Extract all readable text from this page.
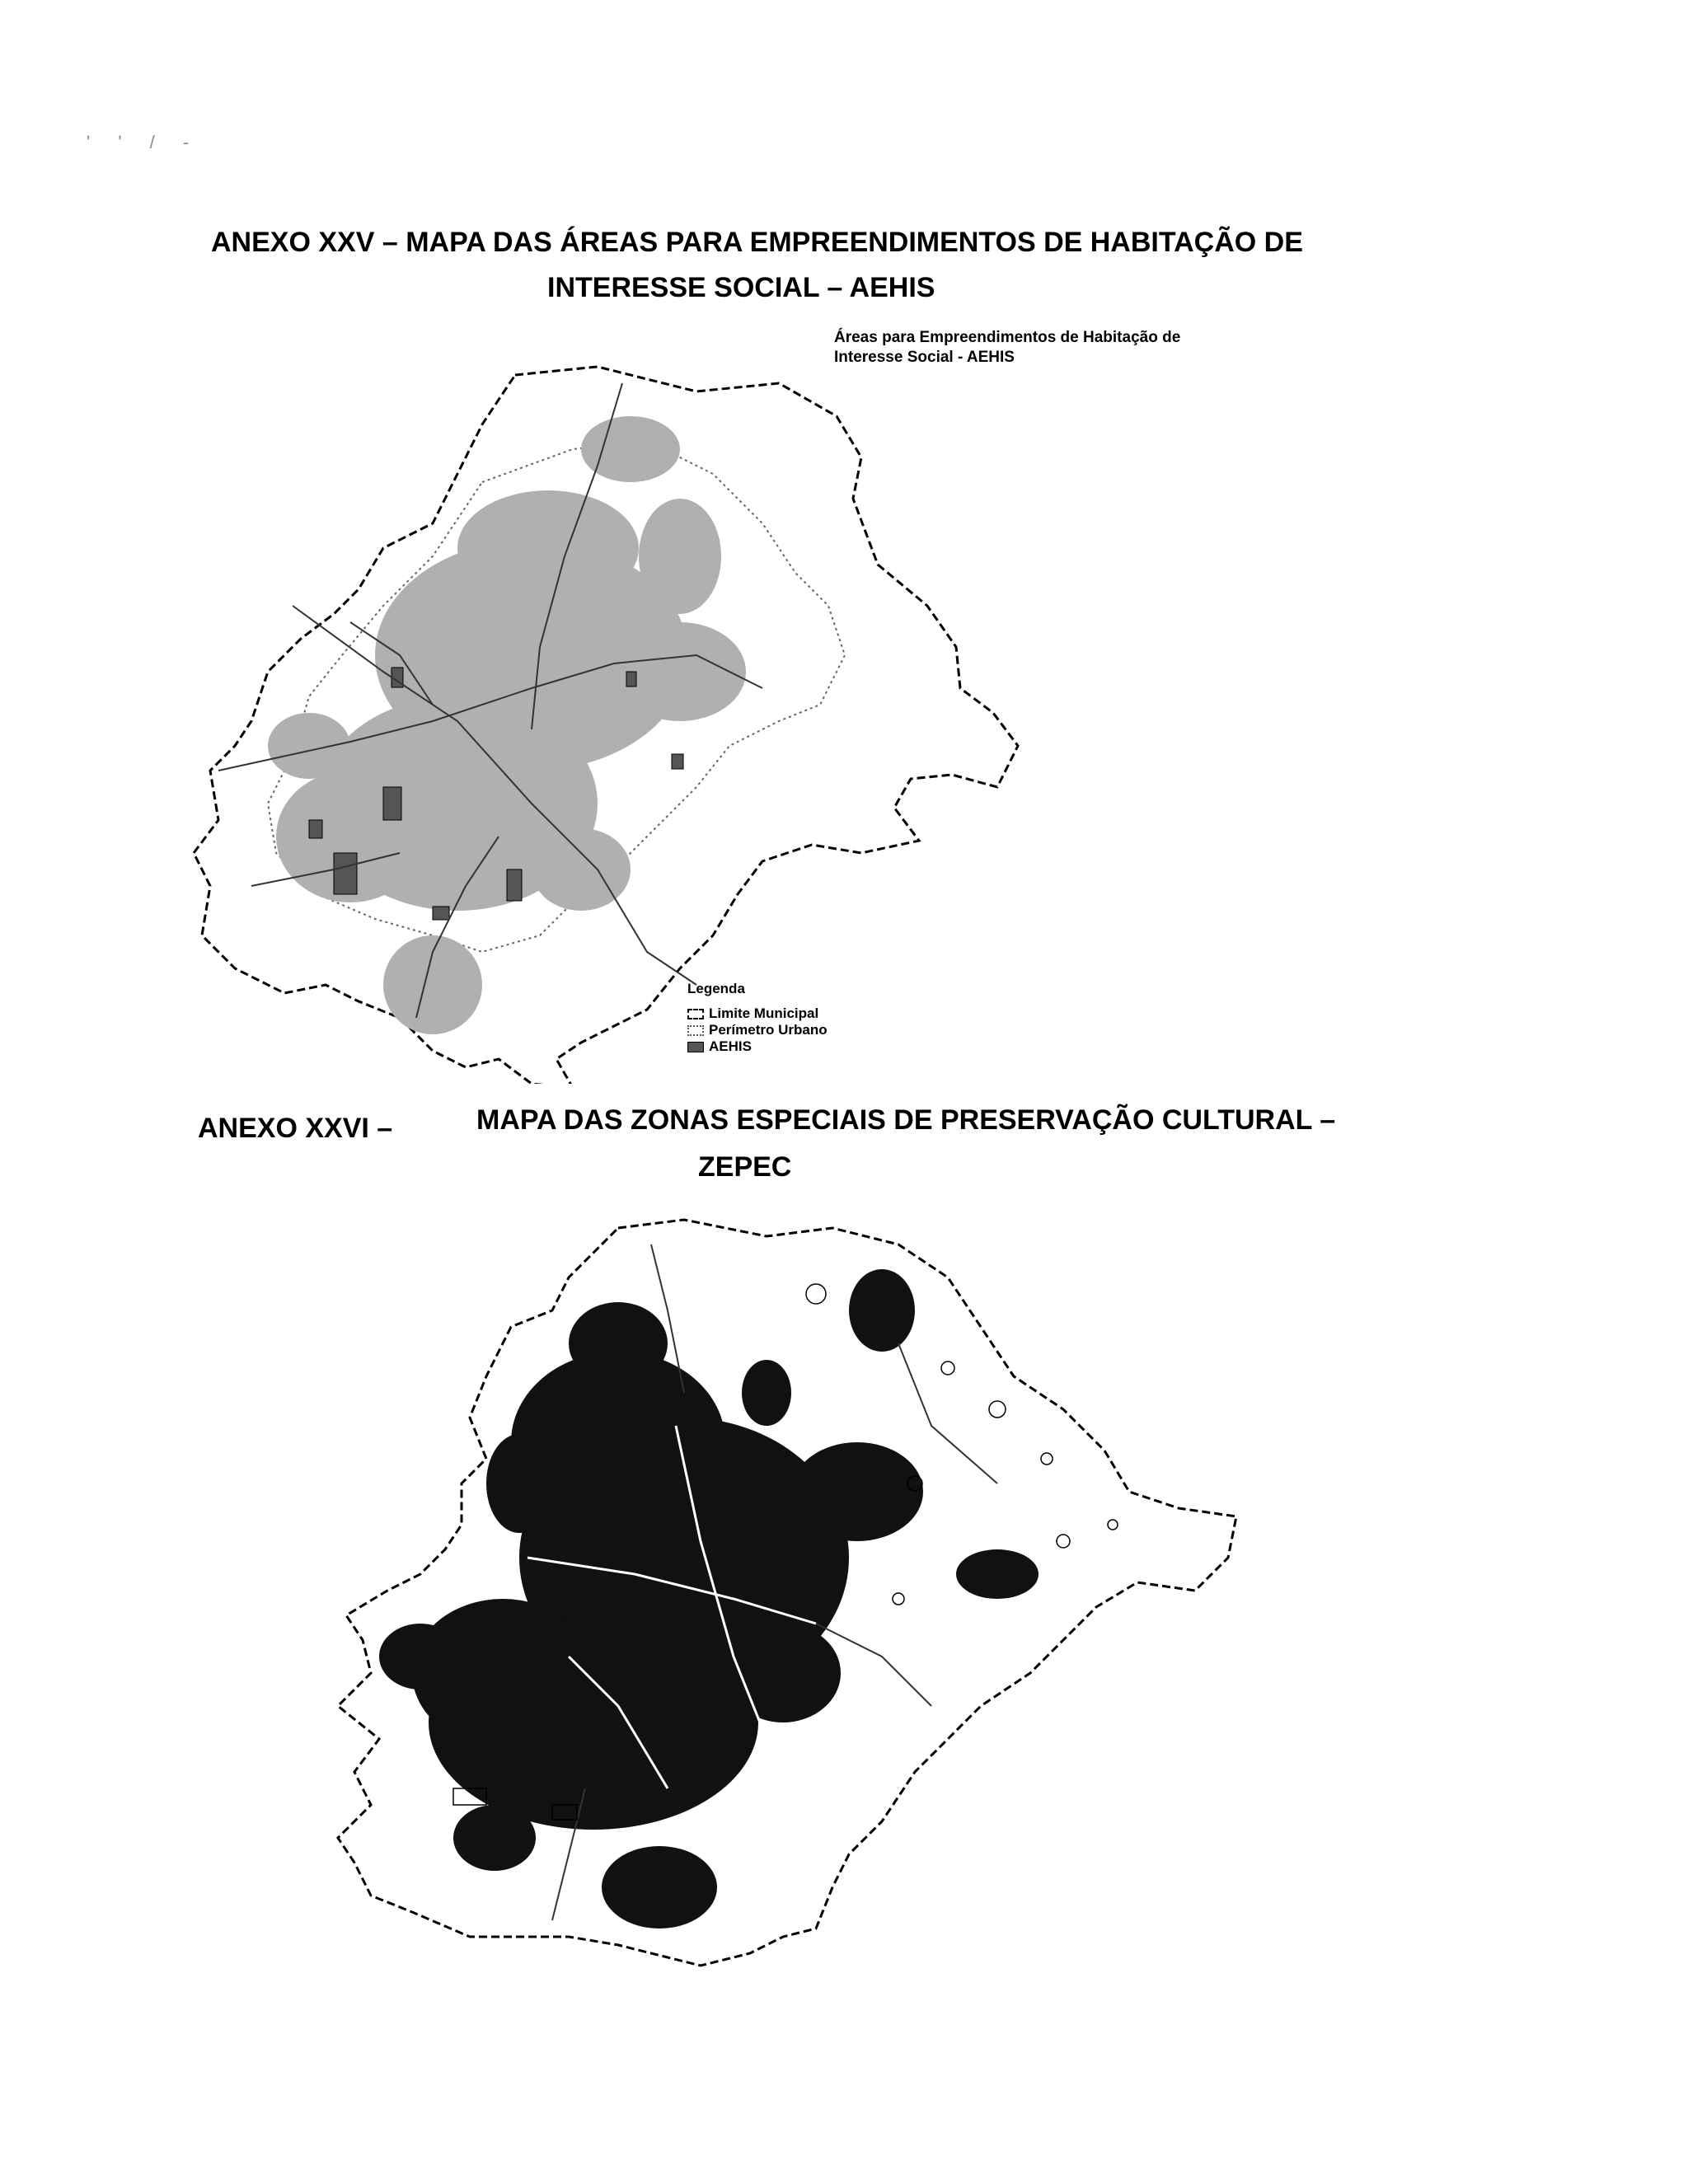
' ' / -
ANEXO XXV – MAPA DAS ÁREAS PARA EMPREENDIMENTOS DE HABITAÇÃO DE
INTERESSE SOCIAL – AEHIS
Áreas para Empreendimentos de Habitação de
Interesse Social - AEHIS
Legenda
Limite Municipal
Perímetro Urbano
AEHIS
ANEXO XXVI –	MAPA DAS ZONAS ESPECIAIS DE PRESERVAÇÃO CULTURAL –
ZEPEC
